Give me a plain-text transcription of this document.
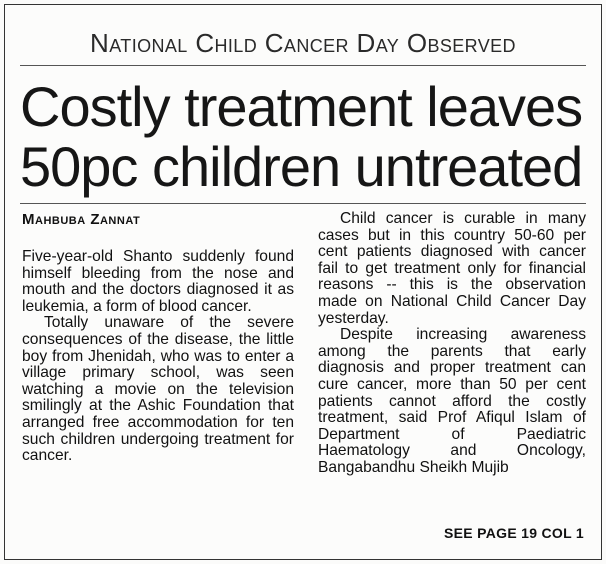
National Child Cancer Day Observed
Costly treatment leaves 50pc children untreated
Mahbuba Zannat

Five-year-old Shanto suddenly found himself bleeding from the nose and mouth and the doctors diagnosed it as leukemia, a form of blood cancer.

Totally unaware of the severe consequences of the disease, the little boy from Jhenidah, who was to enter a village primary school, was seen watching a movie on the television smilingly at the Ashic Foundation that arranged free accommodation for ten such children undergoing treatment for cancer.

Child cancer is curable in many cases but in this country 50-60 per cent patients diagnosed with cancer fail to get treatment only for financial reasons -- this is the observation made on National Child Cancer Day yesterday.

Despite increasing awareness among the parents that early diagnosis and proper treatment can cure cancer, more than 50 per cent patients cannot afford the costly treatment, said Prof Afiqul Islam of Department of Paediatric Haematology and Oncology, Bangabandhu Sheikh Mujib

SEE PAGE 19 COL 1
